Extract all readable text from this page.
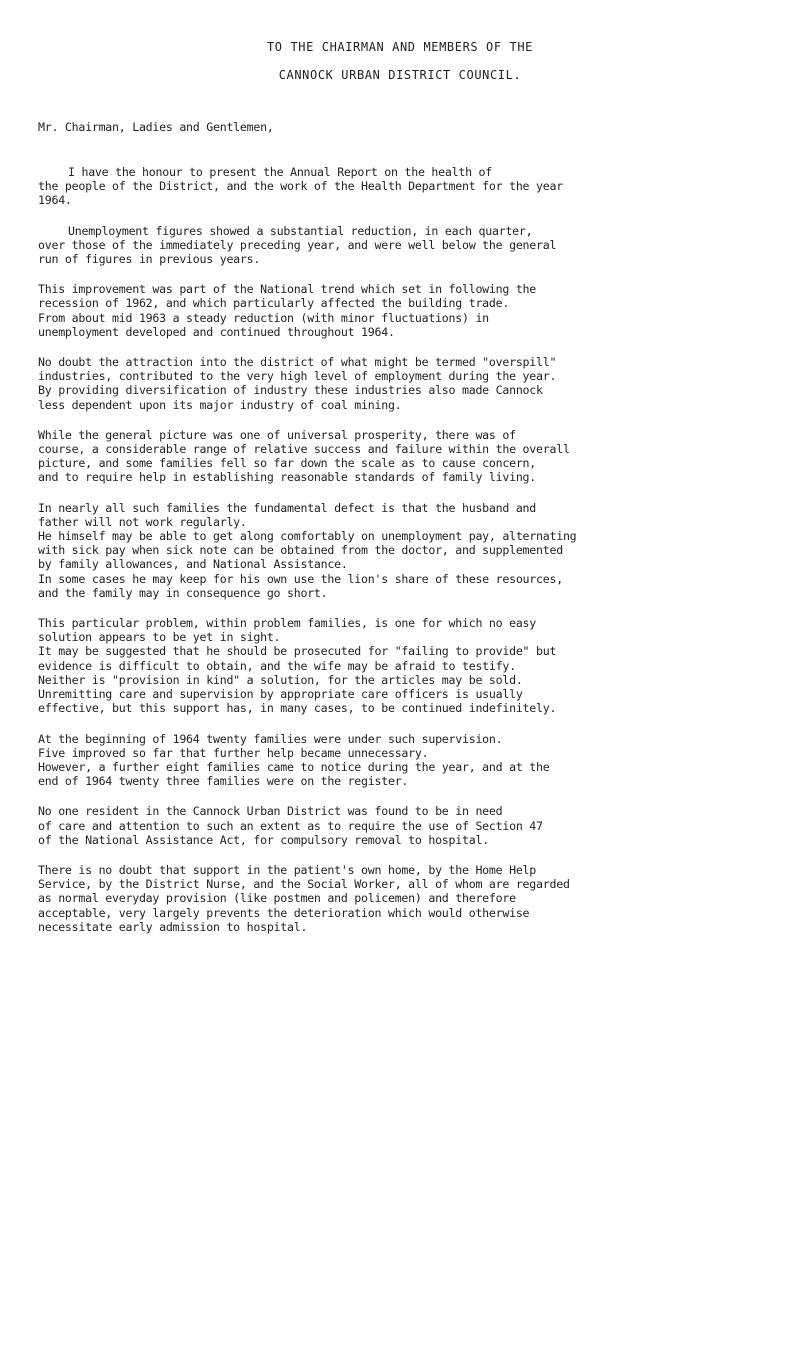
TO THE CHAIRMAN AND MEMBERS OF THE
CANNOCK URBAN DISTRICT COUNCIL.
Mr. Chairman, Ladies and Gentlemen,
I have the honour to present the Annual Report on the health of
the people of the District, and the work of the Health Department for the year
1964.
Unemployment figures showed a substantial reduction, in each quarter,
over those of the immediately preceding year, and were well below the general
run of figures in previous years.
This improvement was part of the National trend which set in following the
recession of 1962, and which particularly affected the building trade.
From about mid 1963 a steady reduction (with minor fluctuations) in
unemployment developed and continued throughout 1964.
No doubt the attraction into the district of what might be termed "overspill"
industries, contributed to the very high level of employment during the year.
By providing diversification of industry these industries also made Cannock
less dependent upon its major industry of coal mining.
While the general picture was one of universal prosperity, there was of
course, a considerable range of relative success and failure within the overall
picture, and some families fell so far down the scale as to cause concern,
and to require help in establishing reasonable standards of family living.
In nearly all such families the fundamental defect is that the husband and
father will not work regularly.
He himself may be able to get along comfortably on unemployment pay, alternating
with sick pay when sick note can be obtained from the doctor, and supplemented
by family allowances, and National Assistance.
In some cases he may keep for his own use the lion's share of these resources,
and the family may in consequence go short.
This particular problem, within problem families, is one for which no easy
solution appears to be yet in sight.
It may be suggested that he should be prosecuted for "failing to provide" but
evidence is difficult to obtain, and the wife may be afraid to testify.
Neither is "provision in kind" a solution, for the articles may be sold.
Unremitting care and supervision by appropriate care officers is usually
effective, but this support has, in many cases, to be continued indefinitely.
At the beginning of 1964 twenty families were under such supervision.
Five improved so far that further help became unnecessary.
However, a further eight families came to notice during the year, and at the
end of 1964 twenty three families were on the register.
No one resident in the Cannock Urban District was found to be in need
of care and attention to such an extent as to require the use of Section 47
of the National Assistance Act, for compulsory removal to hospital.
There is no doubt that support in the patient's own home, by the Home Help
Service, by the District Nurse, and the Social Worker, all of whom are regarded
as normal everyday provision (like postmen and policemen) and therefore
acceptable, very largely prevents the deterioration which would otherwise
necessitate early admission to hospital.
